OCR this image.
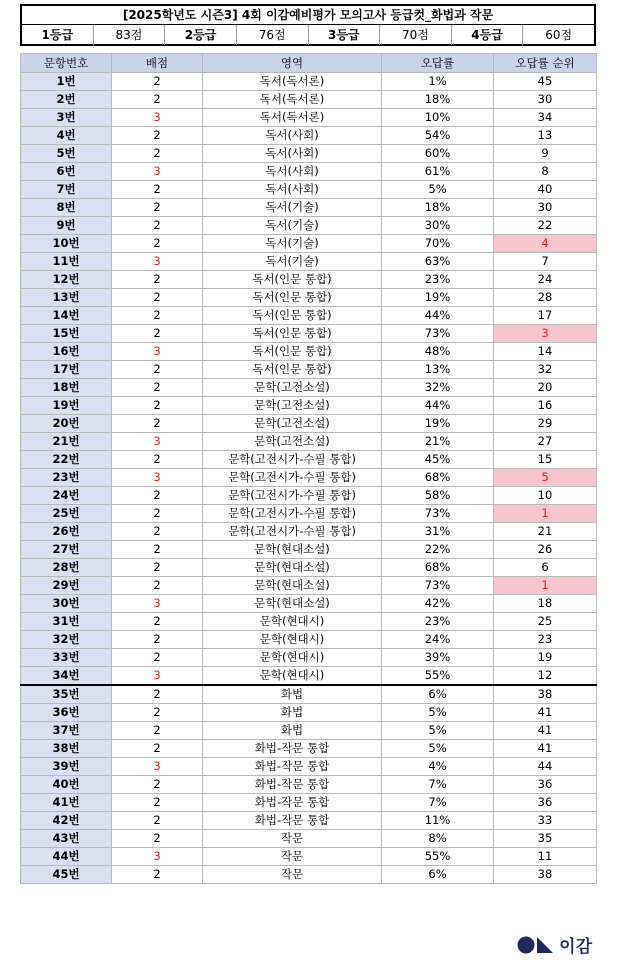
[2025학년도 시즌3] 4회 이감예비평가 모의고사 등급컷_화법과 작문
1등급	83점	2등급	76점	3등급	70점	4등급	60점
문항번호	배점	영역	오답률	오답률 순위
1번	2	독서(독서론)	1%	45
2번	2	독서(독서론)	18%	30
3번	3	독서(독서론)	10%	34
4번	2	독서(사회)	54%	13
5번	2	독서(사회)	60%	9
6번	3	독서(사회)	61%	8
7번	2	독서(사회)	5%	40
8번	2	독서(기술)	18%	30
9번	2	독서(기술)	30%	22
10번	2	독서(기술)	70%	4
11번	3	독서(기술)	63%	7
12번	2	독서(인문 통합)	23%	24
13번	2	독서(인문 통합)	19%	28
14번	2	독서(인문 통합)	44%	17
15번	2	독서(인문 통합)	73%	3
16번	3	독서(인문 통합)	48%	14
17번	2	독서(인문 통합)	13%	32
18번	2	문학(고전소설)	32%	20
19번	2	문학(고전소설)	44%	16
20번	2	문학(고전소설)	19%	29
21번	3	문학(고전소설)	21%	27
22번	2	문학(고전시가-수필 통합)	45%	15
23번	3	문학(고전시가-수필 통합)	68%	5
24번	2	문학(고전시가-수필 통합)	58%	10
25번	2	문학(고전시가-수필 통합)	73%	1
26번	2	문학(고전시가-수필 통합)	31%	21
27번	2	문학(현대소설)	22%	26
28번	2	문학(현대소설)	68%	6
29번	2	문학(현대소설)	73%	1
30번	3	문학(현대소설)	42%	18
31번	2	문학(현대시)	23%	25
32번	2	문학(현대시)	24%	23
33번	2	문학(현대시)	39%	19
34번	3	문학(현대시)	55%	12
35번	2	화법	6%	38
36번	2	화법	5%	41
37번	2	화법	5%	41
38번	2	화법-작문 통합	5%	41
39번	3	화법-작문 통합	4%	44
40번	2	화법-작문 통합	7%	36
41번	2	화법-작문 통합	7%	36
42번	2	화법-작문 통합	11%	33
43번	2	작문	8%	35
44번	3	작문	55%	11
45번	2	작문	6%	38
이감
